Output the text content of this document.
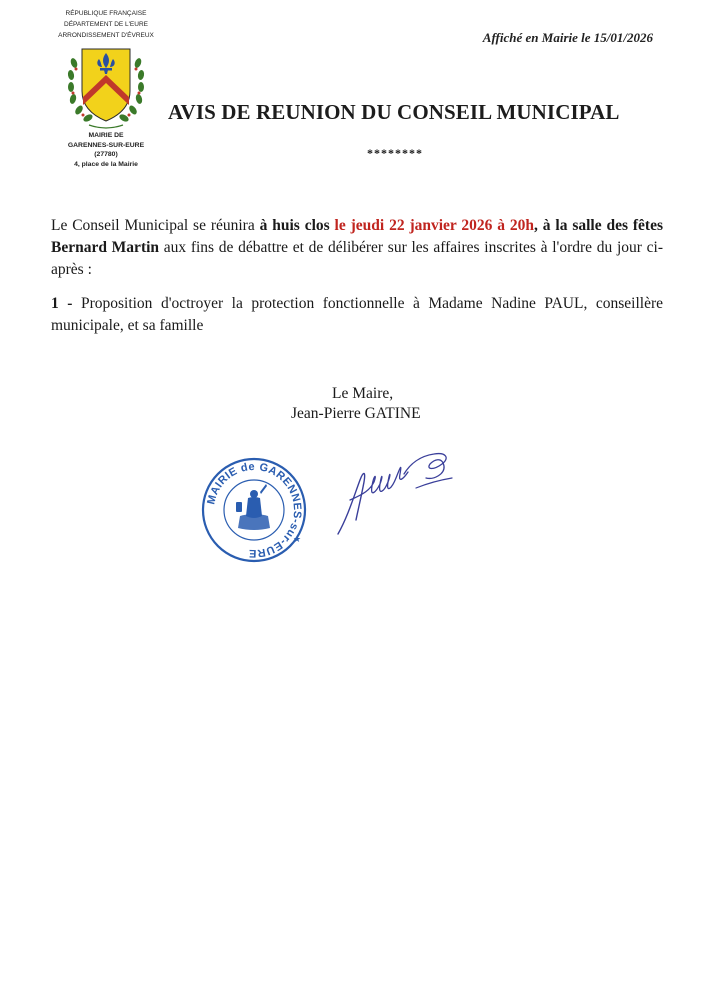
RÉPUBLIQUE FRANÇAISE
DÉPARTEMENT DE L'EURE
ARRONDISSEMENT D'ÉVREUX
MAIRIE DE
GARENNES-SUR-EURE
(27780)
4, place de la Mairie
Affiché en Mairie le 15/01/2026
AVIS DE REUNION DU CONSEIL MUNICIPAL
********
Le Conseil Municipal se réunira à huis clos le jeudi 22 janvier 2026 à 20h, à la salle des fêtes Bernard Martin aux fins de débattre et de délibérer sur les affaires inscrites à l'ordre du jour ci-après :
1 - Proposition d'octroyer la protection fonctionnelle à Madame Nadine PAUL, conseillère municipale, et sa famille
Le Maire,
Jean-Pierre GATINE
MAIRIE de GARENNES-sur-EURE
★
